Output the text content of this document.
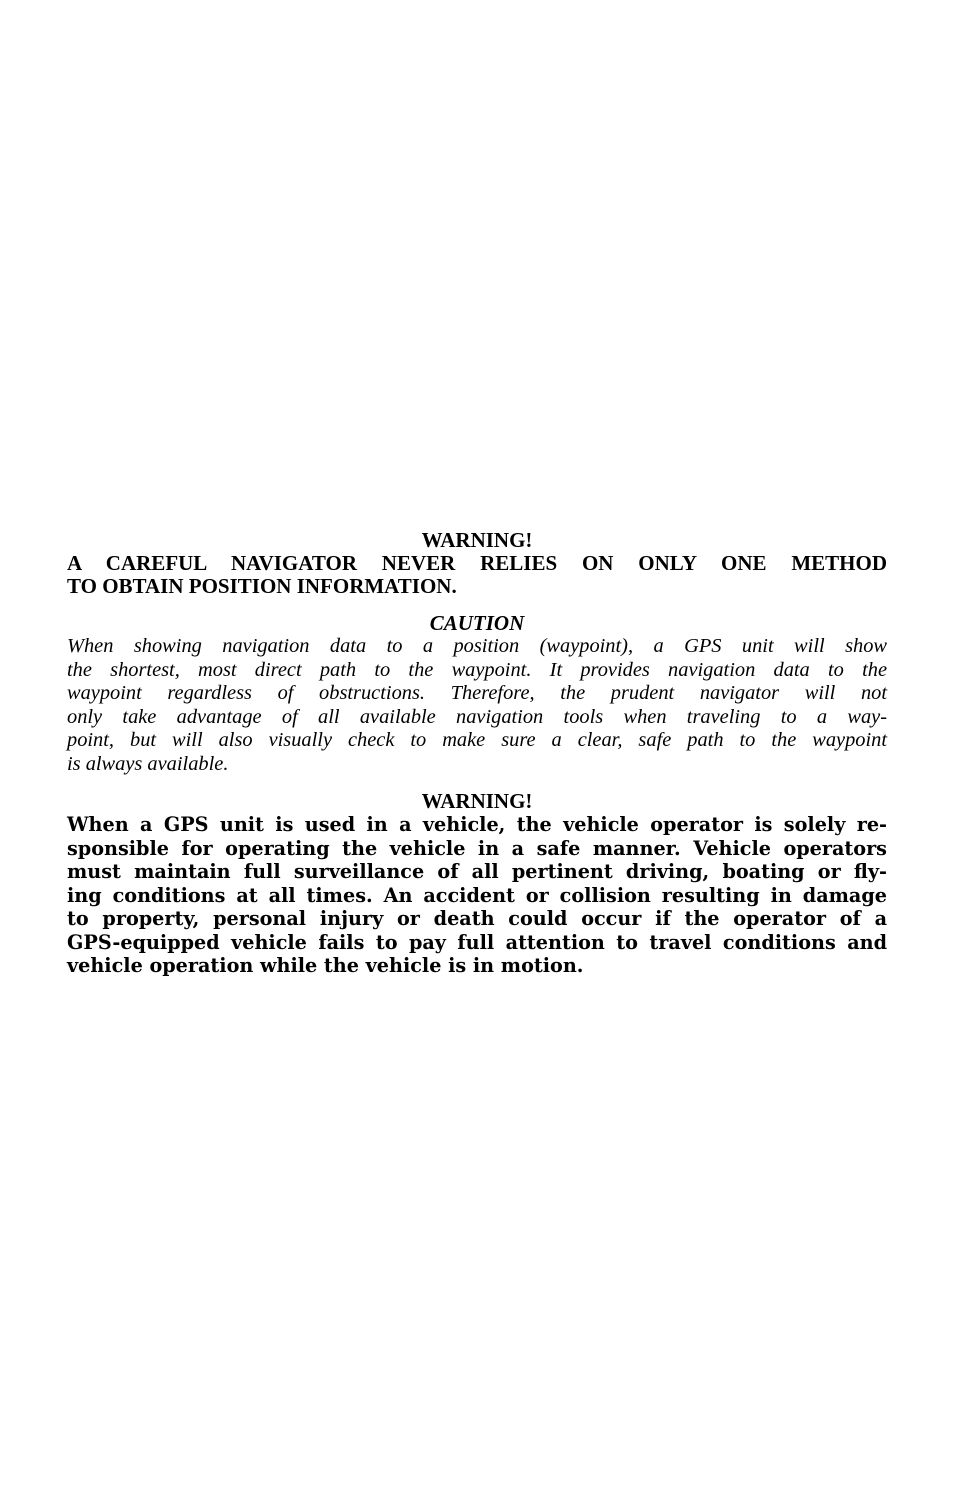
WARNING!
A CAREFUL NAVIGATOR NEVER RELIES ON ONLY ONE METHOD
TO OBTAIN POSITION INFORMATION.
CAUTION
When showing navigation data to a position (waypoint), a GPS unit will show
the shortest, most direct path to the waypoint. It provides navigation data to the
waypoint regardless of obstructions. Therefore, the prudent navigator will not
only take advantage of all available navigation tools when traveling to a way-
point, but will also visually check to make sure a clear, safe path to the waypoint
is always available.
WARNING!
When a GPS unit is used in a vehicle, the vehicle operator is solely re-
sponsible for operating the vehicle in a safe manner. Vehicle operators
must maintain full surveillance of all pertinent driving, boating or fly-
ing conditions at all times. An accident or collision resulting in damage
to property, personal injury or death could occur if the operator of a
GPS-equipped vehicle fails to pay full attention to travel conditions and
vehicle operation while the vehicle is in motion.
